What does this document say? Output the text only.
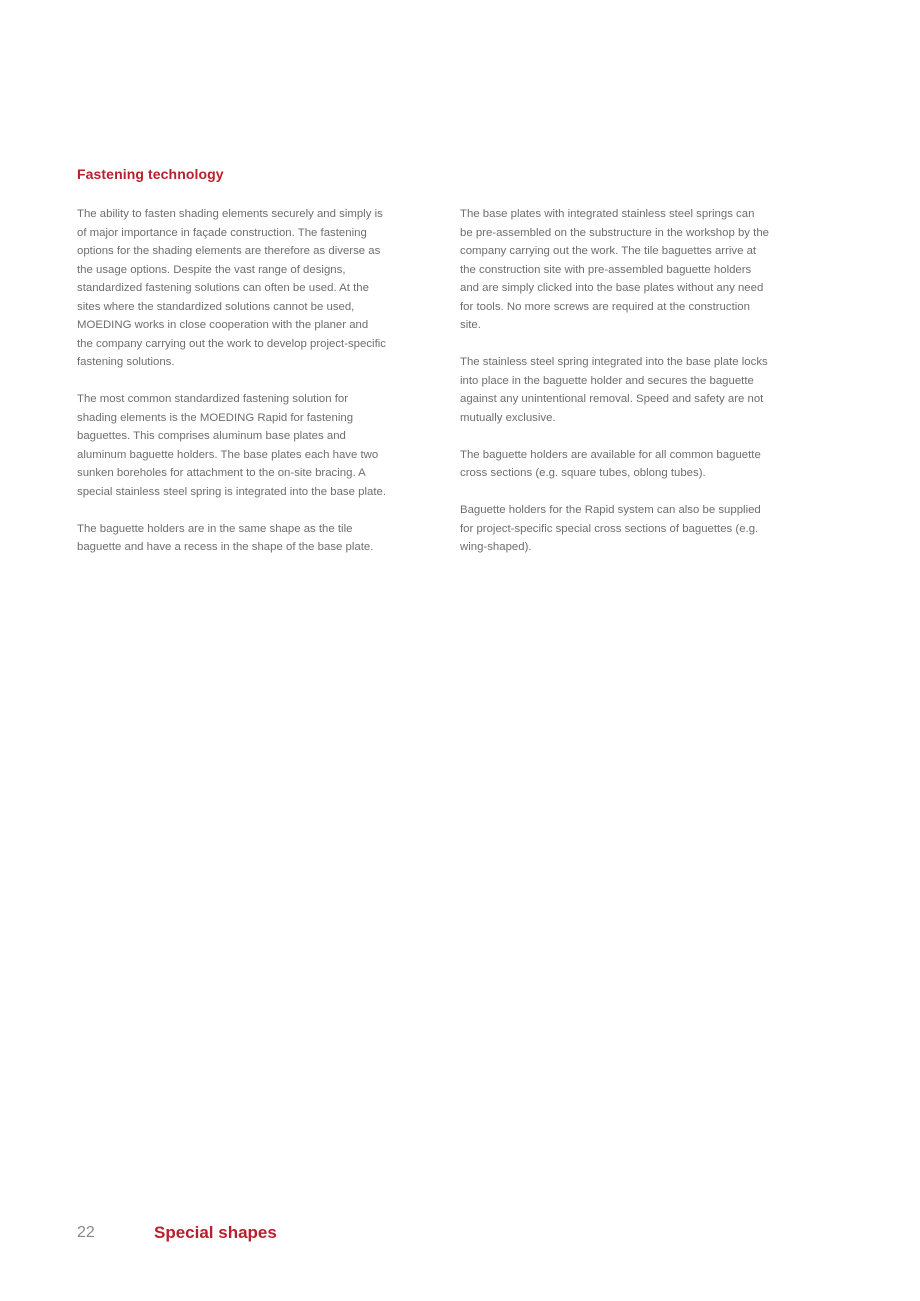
Fastening technology

The ability to fasten shading elements securely and simply is of major importance in façade construction. The fastening options for the shading elements are therefore as diverse as the usage options. Despite the vast range of designs, standardized fastening solutions can often be used. At the sites where the standardized solutions cannot be used, MOEDING works in close cooperation with the planer and the company carrying out the work to develop project-specific fastening solutions.

The most common standardized fastening solution for shading elements is the MOEDING Rapid for fastening baguettes. This comprises aluminum base plates and aluminum baguette holders. The base plates each have two sunken boreholes for attachment to the on-site bracing. A special stainless steel spring is integrated into the base plate.

The baguette holders are in the same shape as the tile baguette and have a recess in the shape of the base plate.

The base plates with integrated stainless steel springs can be pre-assembled on the substructure in the workshop by the company carrying out the work. The tile baguettes arrive at the construction site with pre-assembled baguette holders and are simply clicked into the base plates without any need for tools. No more screws are required at the construction site.

The stainless steel spring integrated into the base plate locks into place in the baguette holder and secures the baguette against any unintentional removal. Speed and safety are not mutually exclusive.

The baguette holders are available for all common baguette cross sections (e.g. square tubes, oblong tubes).

Baguette holders for the Rapid system can also be supplied for project-specific special cross sections of baguettes (e.g. wing-shaped).

22	Special shapes
